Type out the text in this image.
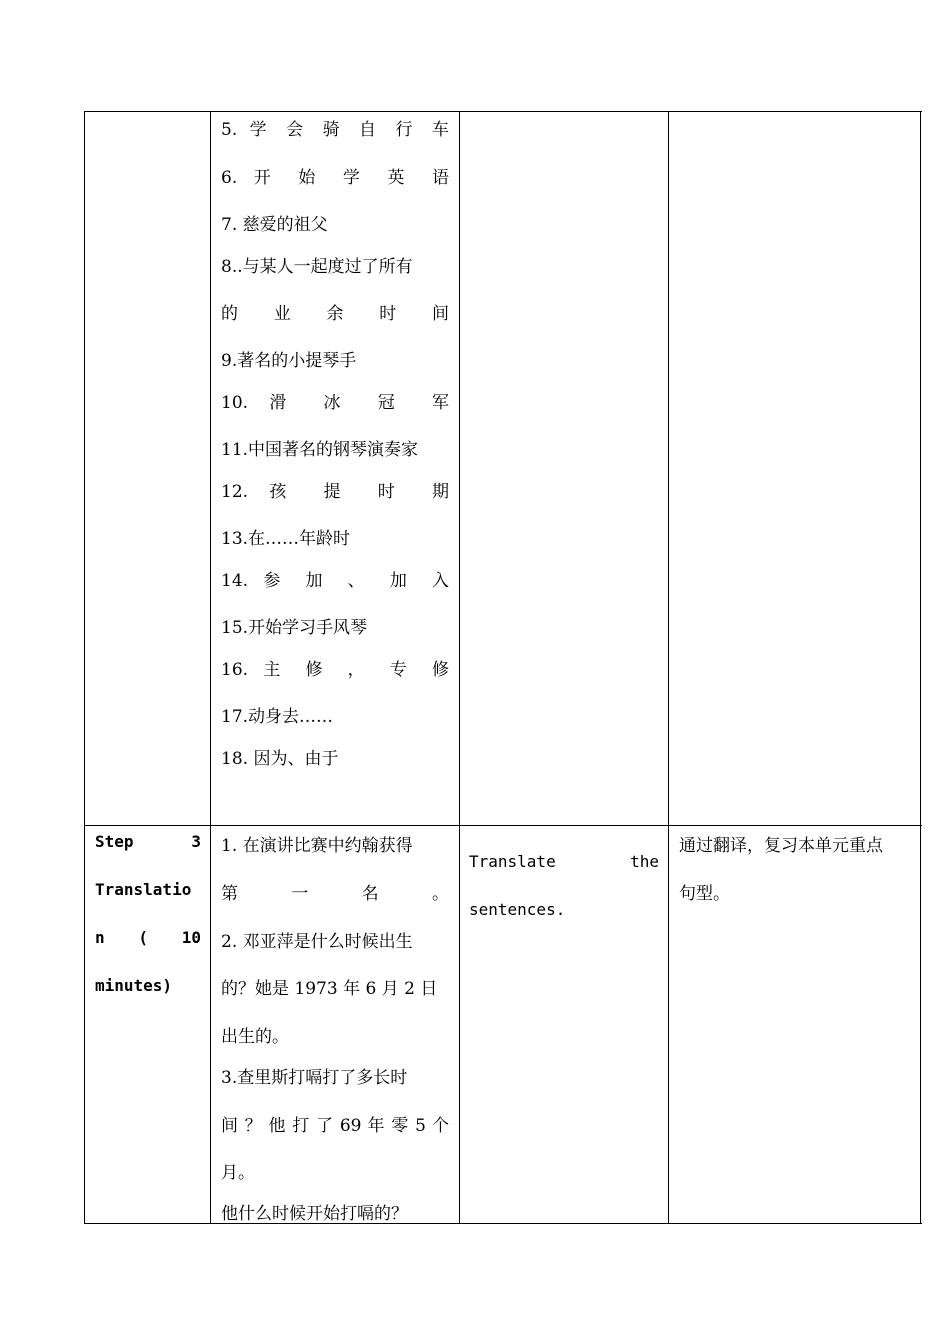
5. 学 会 骑 自 行 车
6. 开 始 学 英 语
7. 慈爱的祖父
8..与某人一起度过了所有
的 业 余 时 间
9.著名的小提琴手
10. 滑 冰 冠 军
11.中国著名的钢琴演奏家
12. 孩 提 时 期
13.在……年龄时
14. 参 加 、 加 入
15.开始学习手风琴
16. 主 修 ， 专 修
17.动身去……
18. 因为、由于
Step 3
Translatio
n ( 10
minutes)
1. 在演讲比赛中约翰获得
第 一 名 。
2. 邓亚萍是什么时候出生
的？她是 1973 年 6 月 2 日
出生的。
3.查里斯打嗝打了多长时
间 ？ 他 打 了 69 年 零 5 个
月。
他什么时候开始打嗝的？
Translate the
sentences.
通过翻译，复习本单元重点
句型。
